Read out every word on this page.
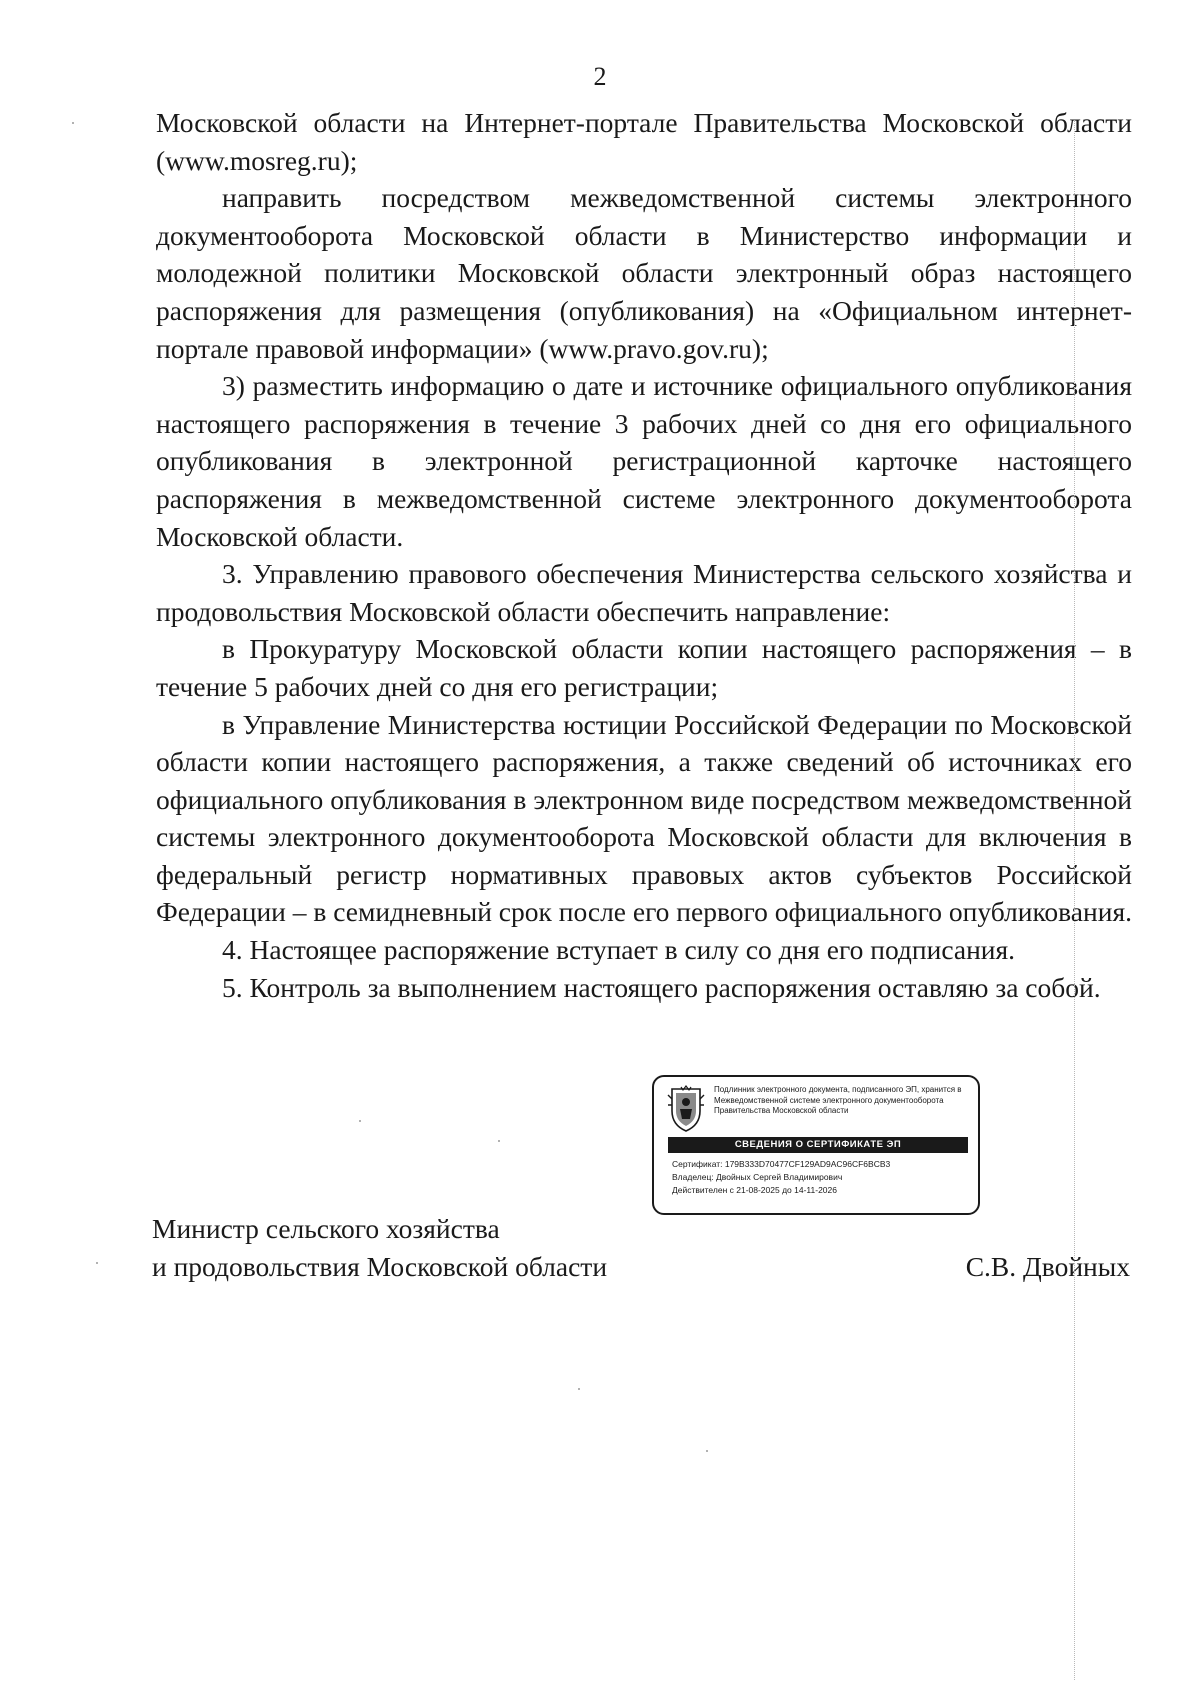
2

Московской области на Интернет-портале Правительства Московской области (www.mosreg.ru);

направить посредством межведомственной системы электронного документооборота Московской области в Министерство информации и молодежной политики Московской области электронный образ настоящего распоряжения для размещения (опубликования) на «Официальном интернет-портале правовой информации» (www.pravo.gov.ru);

3) разместить информацию о дате и источнике официального опубликования настоящего распоряжения в течение 3 рабочих дней со дня его официального опубликования в электронной регистрационной карточке настоящего распоряжения в межведомственной системе электронного документооборота Московской области.

3. Управлению правового обеспечения Министерства сельского хозяйства и продовольствия Московской области обеспечить направление:

в Прокуратуру Московской области копии настоящего распоряжения – в течение 5 рабочих дней со дня его регистрации;

в Управление Министерства юстиции Российской Федерации по Московской области копии настоящего распоряжения, а также сведений об источниках его официального опубликования в электронном виде посредством межведомственной системы электронного документооборота Московской области для включения в федеральный регистр нормативных правовых актов субъектов Российской Федерации – в семидневный срок после его первого официального опубликования.

4. Настоящее распоряжение вступает в силу со дня его подписания.

5. Контроль за выполнением настоящего распоряжения оставляю за собой.

Подлинник электронного документа, подписанного ЭП, хранится в Межведомственной системе электронного документооборота Правительства Московской области
СВЕДЕНИЯ О СЕРТИФИКАТЕ ЭП
Сертификат: 179B333D70477CF129AD9AC96CF6BCB3
Владелец: Двойных Сергей Владимирович
Действителен с 21-08-2025 до 14-11-2026
Министр сельского хозяйства
и продовольствия Московской области	С.В. Двойных
